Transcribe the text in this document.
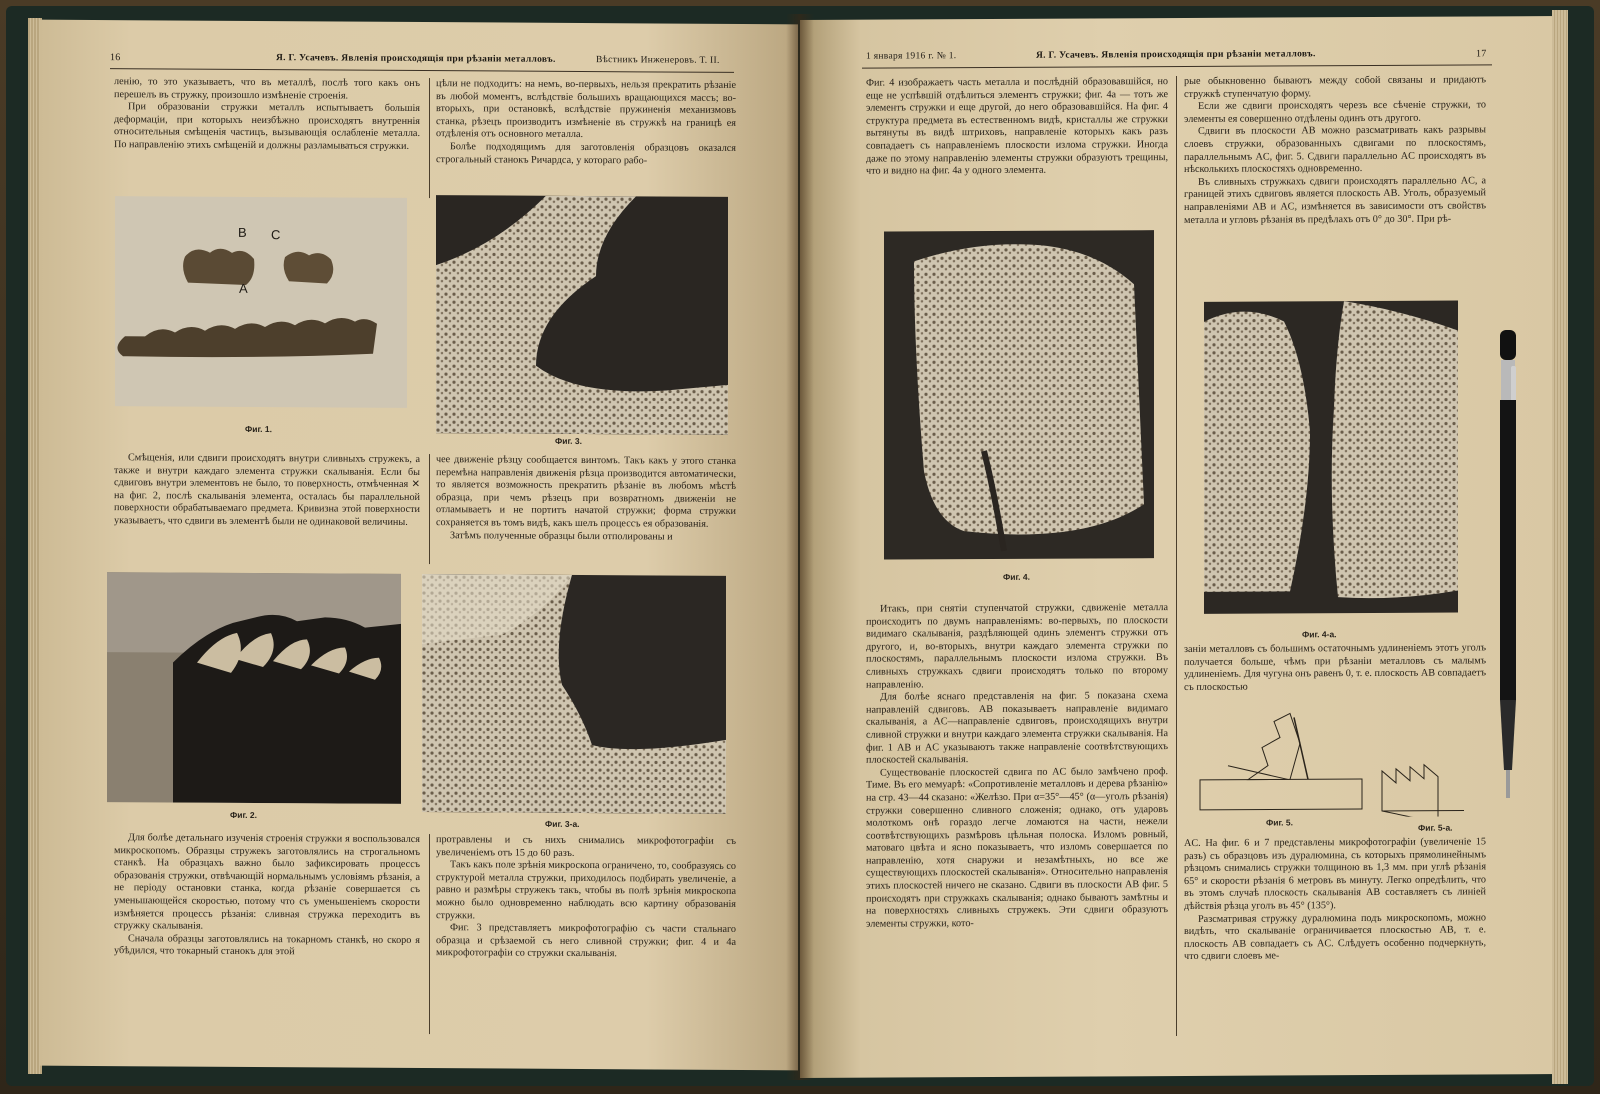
16	Я. Г. Усачевъ. Явленія происходящія при рѣзаніи металловъ.	Вѣстникъ Инженеровъ. Т. II.

ленію, то это указываетъ, что въ металлѣ, послѣ того какъ онъ перешелъ въ стружку, произошло измѣненіе строенія.

При образованіи стружки металлъ испытываетъ большія деформаціи, при которыхъ неизбѣжно происходятъ внутреннія относительныя смѣщенія частицъ, вызывающія ослабленіе металла. По направленію этихъ смѣщеній и должны разламываться стружки.

цѣли не подходитъ: на немъ, во-первыхъ, нельзя прекратить рѣзаніе въ любой моментъ, вслѣдствіе большихъ вращающихся массъ; во-вторыхъ, при остановкѣ, вслѣдствіе пружиненія механизмовъ станка, рѣзецъ производитъ измѣненіе въ стружкѣ на границѣ ея отдѣленія отъ основного металла.

Болѣе подходящимъ для заготовленія образцовъ оказался строгальный станокъ Ричардса, у котораго рабо-

B C
A
Фиг. 1.
Фиг. 3.

Смѣщенія, или сдвиги происходятъ внутри сливныхъ стружекъ, а также и внутри каждаго элемента стружки скалыванія. Если бы сдвиговъ внутри элементовъ не было, то поверхность, отмѣченная ✕ на фиг. 2, послѣ скалыванія элемента, осталась бы параллельной поверхности обрабатываемаго предмета. Кривизна этой поверхности указываетъ, что сдвиги въ элементѣ были не одинаковой величины.

чее движеніе рѣзцу сообщается винтомъ. Такъ какъ у этого станка перемѣна направленія движенія рѣзца производится автоматически, то является возможность прекратить рѣзаніе въ любомъ мѣстѣ образца, при чемъ рѣзецъ при возвратномъ движеніи не отламываетъ и не портитъ начатой стружки; форма стружки сохраняется въ томъ видѣ, какъ шелъ процессъ ея образованія.

Затѣмъ полученные образцы были отполированы и

Фиг. 2.
Фиг. 3-а.

Для болѣе детальнаго изученія строенія стружки я воспользовался микроскопомъ. Образцы стружекъ заготовлялись на строгальномъ станкѣ. На образцахъ важно было зафиксировать процессъ образованія стружки, отвѣчающій нормальнымъ условіямъ рѣзанія, а не періоду остановки станка, когда рѣзаніе совершается съ уменьшающейся скоростью, потому что съ уменьшеніемъ скорости измѣняется процессъ рѣзанія: сливная стружка переходитъ въ стружку скалыванія.

Сначала образцы заготовлялись на токарномъ станкѣ, но скоро я убѣдился, что токарный станокъ для этой

протравлены и съ нихъ снимались микрофотографіи съ увеличеніемъ отъ 15 до 60 разъ.

Такъ какъ поле зрѣнія микроскопа ограничено, то, сообразуясь со структурой металла стружки, приходилось подбирать увеличеніе, а равно и размѣры стружекъ такъ, чтобы въ полѣ зрѣнія микроскопа можно было одновременно наблюдать всю картину образованія стружки.

Фиг. 3 представляетъ микрофотографію съ части стальнаго образца и срѣзаемой съ него сливной стружки; фиг. 4 и 4а микрофотографіи со стружки скалыванія.

1 января 1916 г. № 1.	Я. Г. Усачевъ. Явленія происходящія при рѣзаніи металловъ.	17

Фиг. 4 изображаетъ часть металла и послѣдній образовавшійся, но еще не успѣвшій отдѣлиться элементъ стружки; фиг. 4а — тотъ же элементъ стружки и еще другой, до него образовавшійся. На фиг. 4 структура предмета въ естественномъ видѣ, кристаллы же стружки вытянуты въ видѣ штриховъ, направленіе которыхъ какъ разъ совпадаетъ съ направленіемъ плоскости излома стружки. Иногда даже по этому направленію элементы стружки образуютъ трещины, что и видно на фиг. 4а у одного элемента.

Фиг. 4.

Итакъ, при снятіи ступенчатой стружки, сдвиженіе металла происходитъ по двумъ направленіямъ: во-первыхъ, по плоскости видимаго скалыванія, раздѣляющей одинъ элементъ стружки отъ другого, и, во-вторыхъ, внутри каждаго элемента стружки по плоскостямъ, параллельнымъ плоскости излома стружки. Въ сливныхъ стружкахъ сдвиги происходятъ только по второму направленію.

Для болѣе яснаго представленія на фиг. 5 показана схема направленій сдвиговъ. AB показываетъ направленіе видимаго скалыванія, а AC—направленіе сдвиговъ, происходящихъ внутри сливной стружки и внутри каждаго элемента стружки скалыванія. На фиг. 1 AB и AC указываютъ также направленіе соотвѣтствующихъ плоскостей скалыванія.

Существованіе плоскостей сдвига по AC было замѣчено проф. Тиме. Въ его мемуарѣ: «Сопротивленіе металловъ и дерева рѣзанію» на стр. 43—44 сказано: «Желѣзо. При α=35°—45° (α—уголъ рѣзанія) стружки совершенно сливного сложенія; однако, отъ ударовъ молоткомъ онѣ гораздо легче ломаются на части, нежели соотвѣтствующихъ размѣровъ цѣльная полоска. Изломъ ровный, матоваго цвѣта и ясно показываетъ, что изломъ совершается по направленію, хотя снаружи и незамѣтныхъ, но все же существующихъ плоскостей скалыванія». Относительно направленія этихъ плоскостей ничего не сказано. Сдвиги въ плоскости AB фиг. 5 происходятъ при стружкахъ скалыванія; однако бываютъ замѣтны и на поверхностяхъ сливныхъ стружекъ. Эти сдвиги образуютъ элементы стружки, кото-

рые обыкновенно бываютъ между собой связаны и придаютъ стружкѣ ступенчатую форму.

Если же сдвиги происходятъ черезъ все сѣченіе стружки, то элементы ея совершенно отдѣлены одинъ отъ другого.

Сдвиги въ плоскости AB можно разсматривать какъ разрывы слоевъ стружки, образованныхъ сдвигами по плоскостямъ, параллельнымъ AC, фиг. 5. Сдвиги параллельно AC происходятъ въ нѣсколькихъ плоскостяхъ одновременно.

Въ сливныхъ стружкахъ сдвиги происходятъ параллельно AC, а границей этихъ сдвиговъ является плоскость AB. Уголъ, образуемый направленіями AB и AC, измѣняется въ зависимости отъ свойствъ металла и угловъ рѣзанія въ предѣлахъ отъ 0° до 30°. При рѣ-

Фиг. 4-а.

заніи металловъ съ большимъ остаточнымъ удлиненіемъ этотъ уголъ получается больше, чѣмъ при рѣзаніи металловъ съ малымъ удлиненіемъ. Для чугуна онъ равенъ 0, т. е. плоскость AB совпадаетъ съ плоскостью

Фиг. 5.
Фиг. 5-а.

AC. На фиг. 6 и 7 представлены микрофотографіи (увеличеніе 15 разъ) съ образцовъ изъ дуралюмина, съ которыхъ прямолинейнымъ рѣзцомъ снимались стружки толщиною въ 1,3 мм. при углѣ рѣзанія 65° и скорости рѣзанія 6 метровъ въ минуту. Легко опредѣлить, что въ этомъ случаѣ плоскость скалыванія AB составляетъ съ линіей дѣйствія рѣзца уголъ въ 45° (135°).

Разсматривая стружку дуралюмина подъ микроскопомъ, можно видѣть, что скалываніе ограничивается плоскостью AB, т. е. плоскость AB совпадаетъ съ AC. Слѣдуетъ особенно подчеркнуть, что сдвиги слоевъ ме-
